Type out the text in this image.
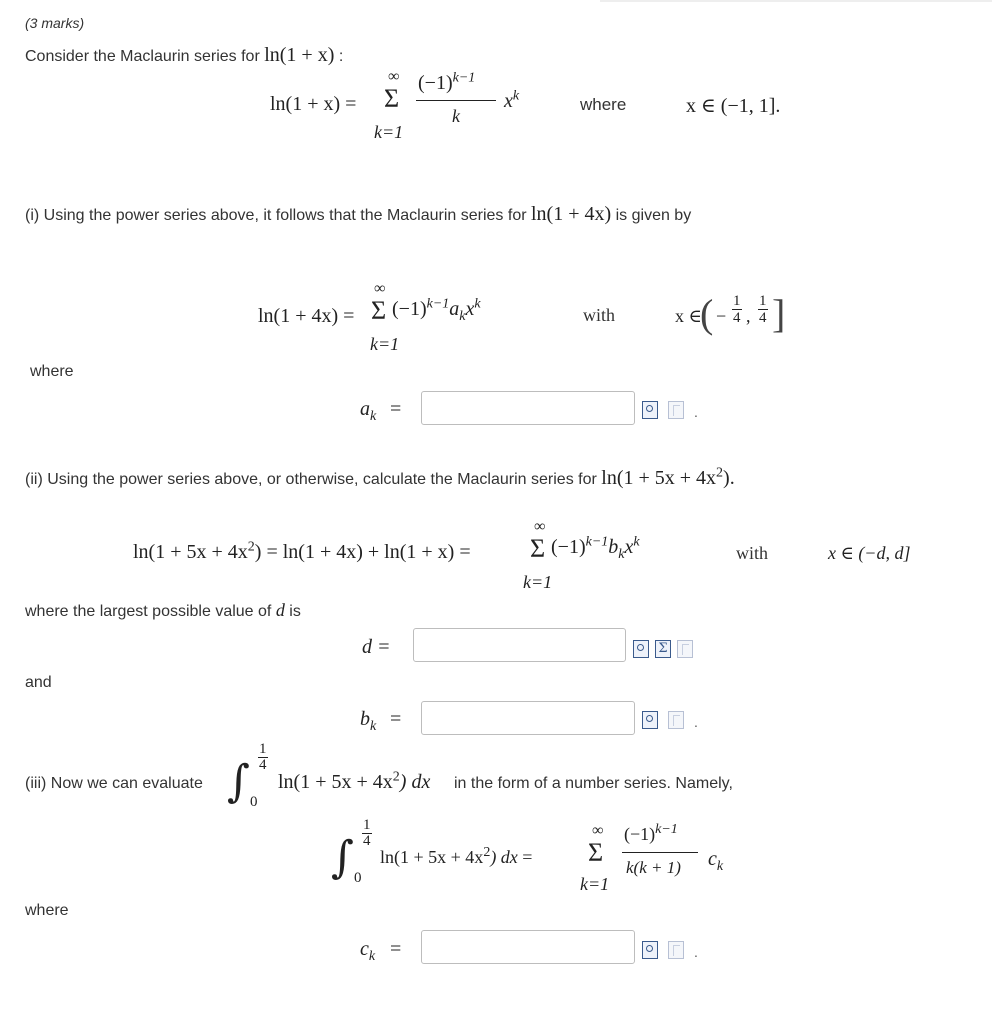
(3 marks)
Consider the Maclaurin series for ln(1 + x) :
ln(1 + x) =
∞
Σ
k=1
$(-1)^{k-1}$
k
$x^k$	where	x ∈ (−1, 1].
(i) Using the power series above, it follows that the Maclaurin series for ln(1 + 4x) is given by
ln(1 + 4x) =
∞
Σ
k=1
$(-1)^{k-1}a_kx^k$
with	x ∈
( − $\frac{1}{4}$ , $\frac{1}{4}$ ]
where
$a_k$ =	.
(ii) Using the power series above, or otherwise, calculate the Maclaurin series for $\ln(1 + 5x + 4x^2)$.
$\ln(1 + 5x + 4x^2) = \ln(1 + 4x) + \ln(1 + x)$ =
∞
Σ
k=1
$(-1)^{k-1}b_kx^k$
with	x ∈ (−d, d]
where the largest possible value of d is
d =	Σ
and
$b_k$ =	.
(iii) Now we can evaluate ∫ $\frac{1}{4}$
0
$\ln(1 + 5x + 4x^2)$ dx in the form of a number series. Namely,
∫ $\frac{1}{4}$
0
$\ln(1 + 5x + 4x^2)$ dx =
∞
Σ
k=1
$(-1)^{k-1}$
k(k + 1) $c_k$
where
$c_k$ =	.
